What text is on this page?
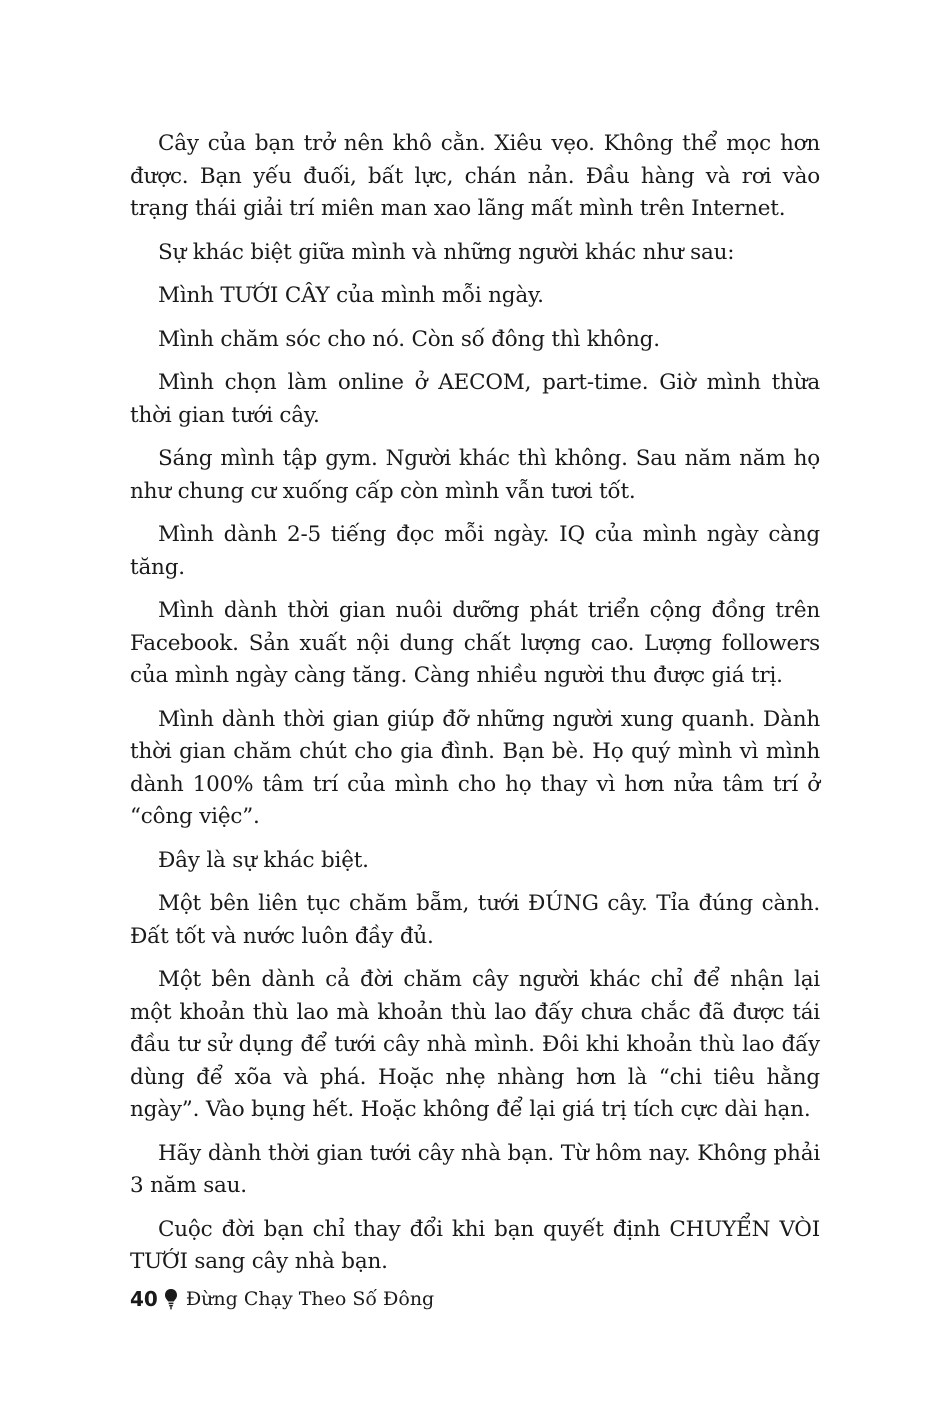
Cây của bạn trở nên khô cằn. Xiêu vẹo. Không thể mọc hơn được. Bạn yếu đuối, bất lực, chán nản. Đầu hàng và rơi vào trạng thái giải trí miên man xao lãng mất mình trên Internet.

Sự khác biệt giữa mình và những người khác như sau:

Mình TƯỚI CÂY của mình mỗi ngày.

Mình chăm sóc cho nó. Còn số đông thì không.

Mình chọn làm online ở AECOM, part-time. Giờ mình thừa thời gian tưới cây.

Sáng mình tập gym. Người khác thì không. Sau năm năm họ như chung cư xuống cấp còn mình vẫn tươi tốt.

Mình dành 2-5 tiếng đọc mỗi ngày. IQ của mình ngày càng tăng.

Mình dành thời gian nuôi dưỡng phát triển cộng đồng trên Facebook. Sản xuất nội dung chất lượng cao. Lượng followers của mình ngày càng tăng. Càng nhiều người thu được giá trị.

Mình dành thời gian giúp đỡ những người xung quanh. Dành thời gian chăm chút cho gia đình. Bạn bè. Họ quý mình vì mình dành 100% tâm trí của mình cho họ thay vì hơn nửa tâm trí ở “công việc”.

Đây là sự khác biệt.

Một bên liên tục chăm bẵm, tưới ĐÚNG cây. Tỉa đúng cành. Đất tốt và nước luôn đầy đủ.

Một bên dành cả đời chăm cây người khác chỉ để nhận lại một khoản thù lao mà khoản thù lao đấy chưa chắc đã được tái đầu tư sử dụng để tưới cây nhà mình. Đôi khi khoản thù lao đấy dùng để xõa và phá. Hoặc nhẹ nhàng hơn là “chi tiêu hằng ngày”. Vào bụng hết. Hoặc không để lại giá trị tích cực dài hạn.

Hãy dành thời gian tưới cây nhà bạn. Từ hôm nay. Không phải 3 năm sau.

Cuộc đời bạn chỉ thay đổi khi bạn quyết định CHUYỂN VÒI TƯỚI sang cây nhà bạn.

40 Đừng Chạy Theo Số Đông
